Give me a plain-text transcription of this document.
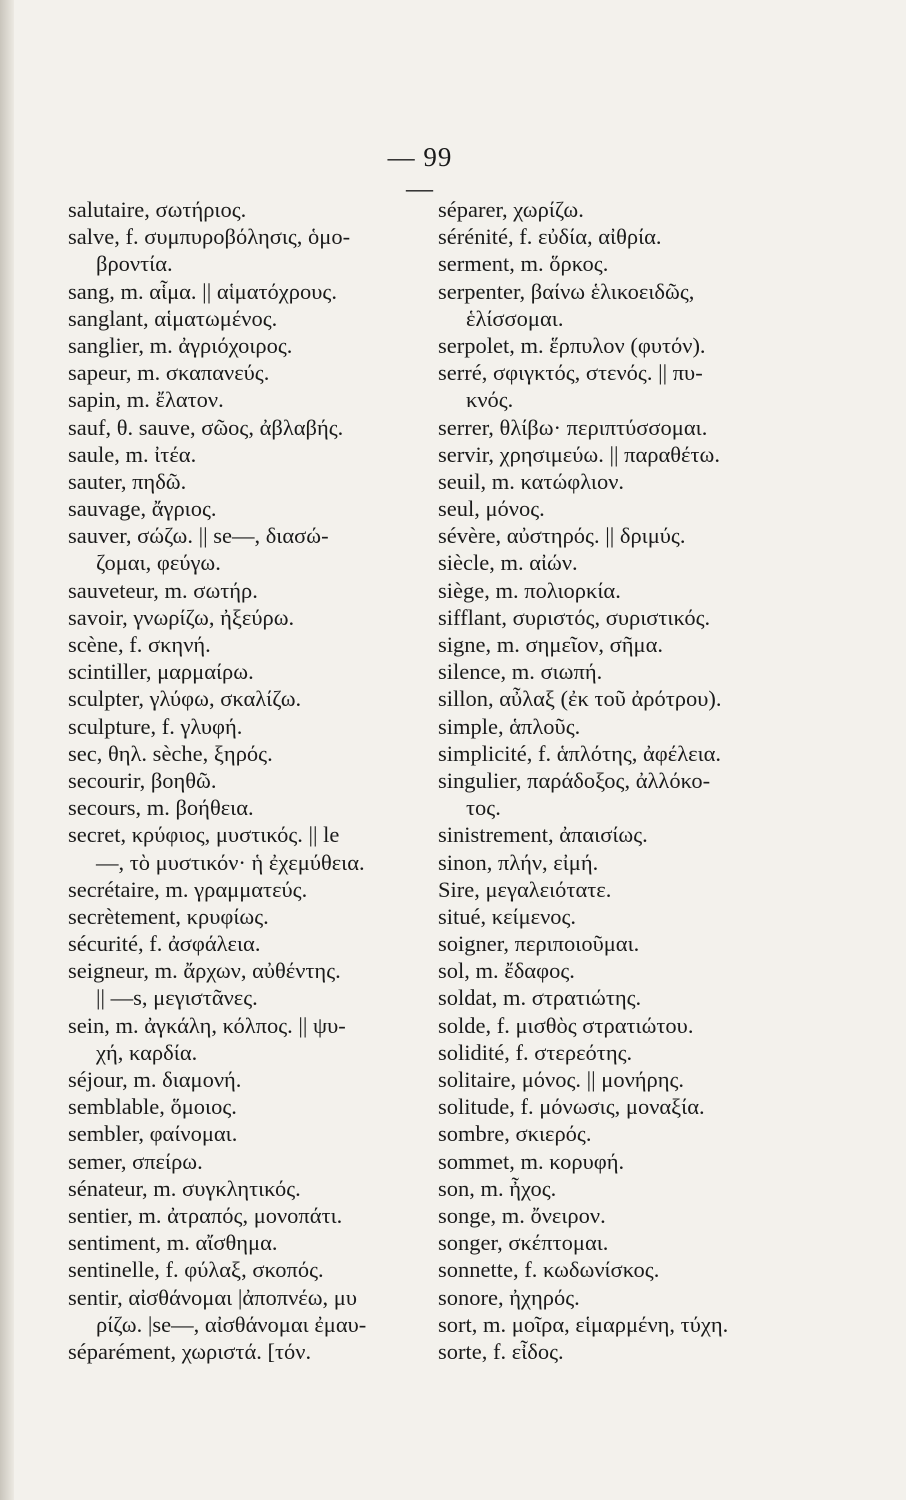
— 99 —
salutaire, σωτήριος.
salve, f. συμπυροβόλησις, ὁμο-
βροντία.
sang, m. αἷμα. || αἱματόχρους.
sanglant, αἱματωμένος.
sanglier, m. ἀγριόχοιρος.
sapeur, m. σκαπανεύς.
sapin, m. ἔλατον.
sauf, θ. sauve, σῶος, ἀβλαβής.
saule, m. ἰτέα.
sauter, πηδῶ.
sauvage, ἄγριος.
sauver, σώζω. || se—, διασώ-
ζομαι, φεύγω.
sauveteur, m. σωτήρ.
savoir, γνωρίζω, ἠξεύρω.
scène, f. σκηνή.
scintiller, μαρμαίρω.
sculpter, γλύφω, σκαλίζω.
sculpture, f. γλυφή.
sec, θηλ. sèche, ξηρός.
secourir, βοηθῶ.
secours, m. βοήθεια.
secret, κρύφιος, μυστικός. || le
—, τὸ μυστικόν· ἡ ἐχεμύθεια.
secrétaire, m. γραμματεύς.
secrètement, κρυφίως.
sécurité, f. ἀσφάλεια.
seigneur, m. ἄρχων, αὐθέντης.
|| —s, μεγιστᾶνες.
sein, m. ἀγκάλη, κόλπος. || ψυ-
χή, καρδία.
séjour, m. διαμονή.
semblable, ὅμοιος.
sembler, φαίνομαι.
semer, σπείρω.
sénateur, m. συγκλητικός.
sentier, m. ἀτραπός, μονοπάτι.
sentiment, m. αἴσθημα.
sentinelle, f. φύλαξ, σκοπός.
sentir, αἰσθάνομαι |ἀποπνέω, μυ
ρίζω. |se—, αἰσθάνομαι ἐμαυ-
séparément, χωριστά. [τόν.
séparer, χωρίζω.
sérénité, f. εὐδία, αἰθρία.
serment, m. ὅρκος.
serpenter, βαίνω ἑλικοειδῶς,
ἑλίσσομαι.
serpolet, m. ἕρπυλον (φυτόν).
serré, σφιγκτός, στενός. || πυ-
κνός.
serrer, θλίβω· περιπτύσσομαι.
servir, χρησιμεύω. || παραθέτω.
seuil, m. κατώφλιον.
seul, μόνος.
sévère, αὐστηρός. || δριμύς.
siècle, m. αἰών.
siège, m. πολιορκία.
sifflant, συριστός, συριστικός.
signe, m. σημεῖον, σῆμα.
silence, m. σιωπή.
sillon, αὖλαξ (ἐκ τοῦ ἀρότρου).
simple, ἁπλοῦς.
simplicité, f. ἁπλότης, ἀφέλεια.
singulier, παράδοξος, ἀλλόκο-
τος.
sinistrement, ἀπαισίως.
sinon, πλήν, εἰμή.
Sire, μεγαλειότατε.
situé, κείμενος.
soigner, περιποιοῦμαι.
sol, m. ἔδαφος.
soldat, m. στρατιώτης.
solde, f. μισθὸς στρατιώτου.
solidité, f. στερεότης.
solitaire, μόνος. || μονήρης.
solitude, f. μόνωσις, μοναξία.
sombre, σκιερός.
sommet, m. κορυφή.
son, m. ἦχος.
songe, m. ὄνειρον.
songer, σκέπτομαι.
sonnette, f. κωδωνίσκος.
sonore, ἠχηρός.
sort, m. μοῖρα, εἱμαρμένη, τύχη.
sorte, f. εἶδος.
